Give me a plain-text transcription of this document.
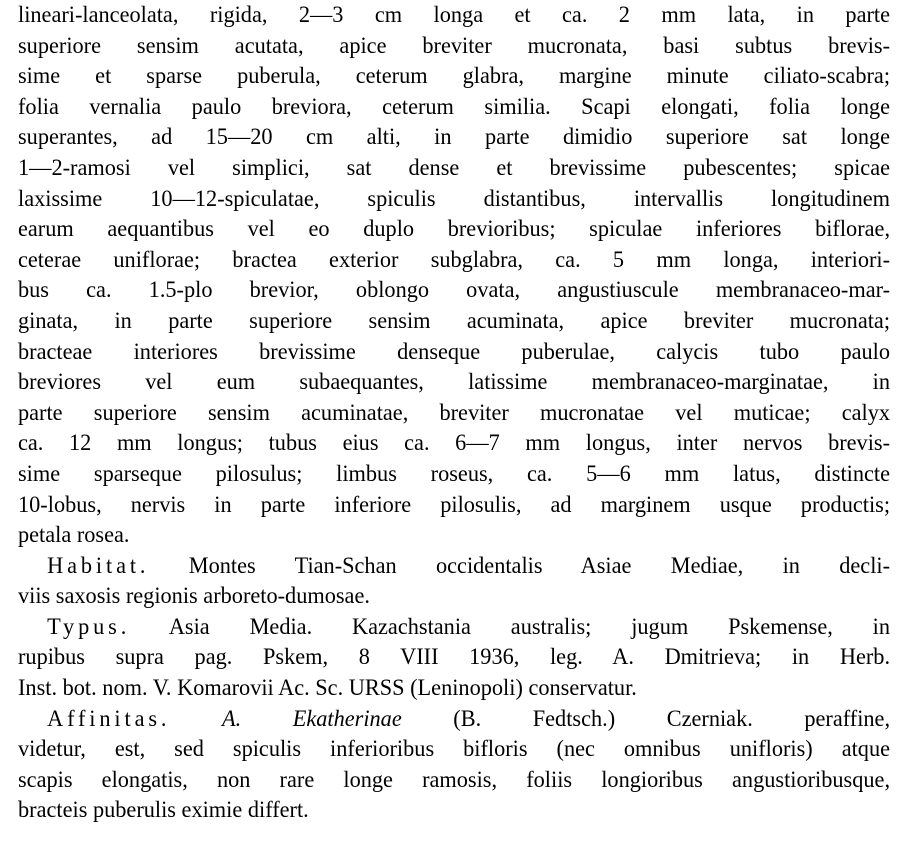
lineari-lanceolata, rigida, 2—3 cm longa et ca. 2 mm lata, in parte
superiore sensim acutata, apice breviter mucronata, basi subtus brevis-
sime et sparse puberula, ceterum glabra, margine minute ciliato-scabra;
folia vernalia paulo breviora, ceterum similia. Scapi elongati, folia longe
superantes, ad 15—20 cm alti, in parte dimidio superiore sat longe
1—2-ramosi vel simplici, sat dense et brevissime pubescentes; spicae
laxissime 10—12-spiculatae, spiculis distantibus, intervallis longitudinem
earum aequantibus vel eo duplo brevioribus; spiculae inferiores biflorae,
ceterae uniflorae; bractea exterior subglabra, ca. 5 mm longa, interiori-
bus ca. 1.5-plo brevior, oblongo ovata, angustiuscule membranaceo-mar-
ginata, in parte superiore sensim acuminata, apice breviter mucronata;
bracteae interiores brevissime denseque puberulae, calycis tubo paulo
breviores vel eum subaequantes, latissime membranaceo-marginatae, in
parte superiore sensim acuminatae, breviter mucronatae vel muticae; calyx
ca. 12 mm longus; tubus eius ca. 6—7 mm longus, inter nervos brevis-
sime sparseque pilosulus; limbus roseus, ca. 5—6 mm latus, distincte
10-lobus, nervis in parte inferiore pilosulis, ad marginem usque productis;
petala rosea.
Habitat. Montes Tian-Schan occidentalis Asiae Mediae, in decli-
viis saxosis regionis arboreto-dumosae.
Typus. Asia Media. Kazachstania australis; jugum Pskemense, in
rupibus supra pag. Pskem, 8 VIII 1936, leg. A. Dmitrieva; in Herb.
Inst. bot. nom. V. Komarovii Ac. Sc. URSS (Leninopoli) conservatur.
Affinitas. A. Ekatherinae (B. Fedtsch.) Czerniak. peraffine,
videtur, est, sed spiculis inferioribus bifloris (nec omnibus unifloris) atque
scapis elongatis, non rare longe ramosis, foliis longioribus angustioribusque,
bracteis puberulis eximie differt.
